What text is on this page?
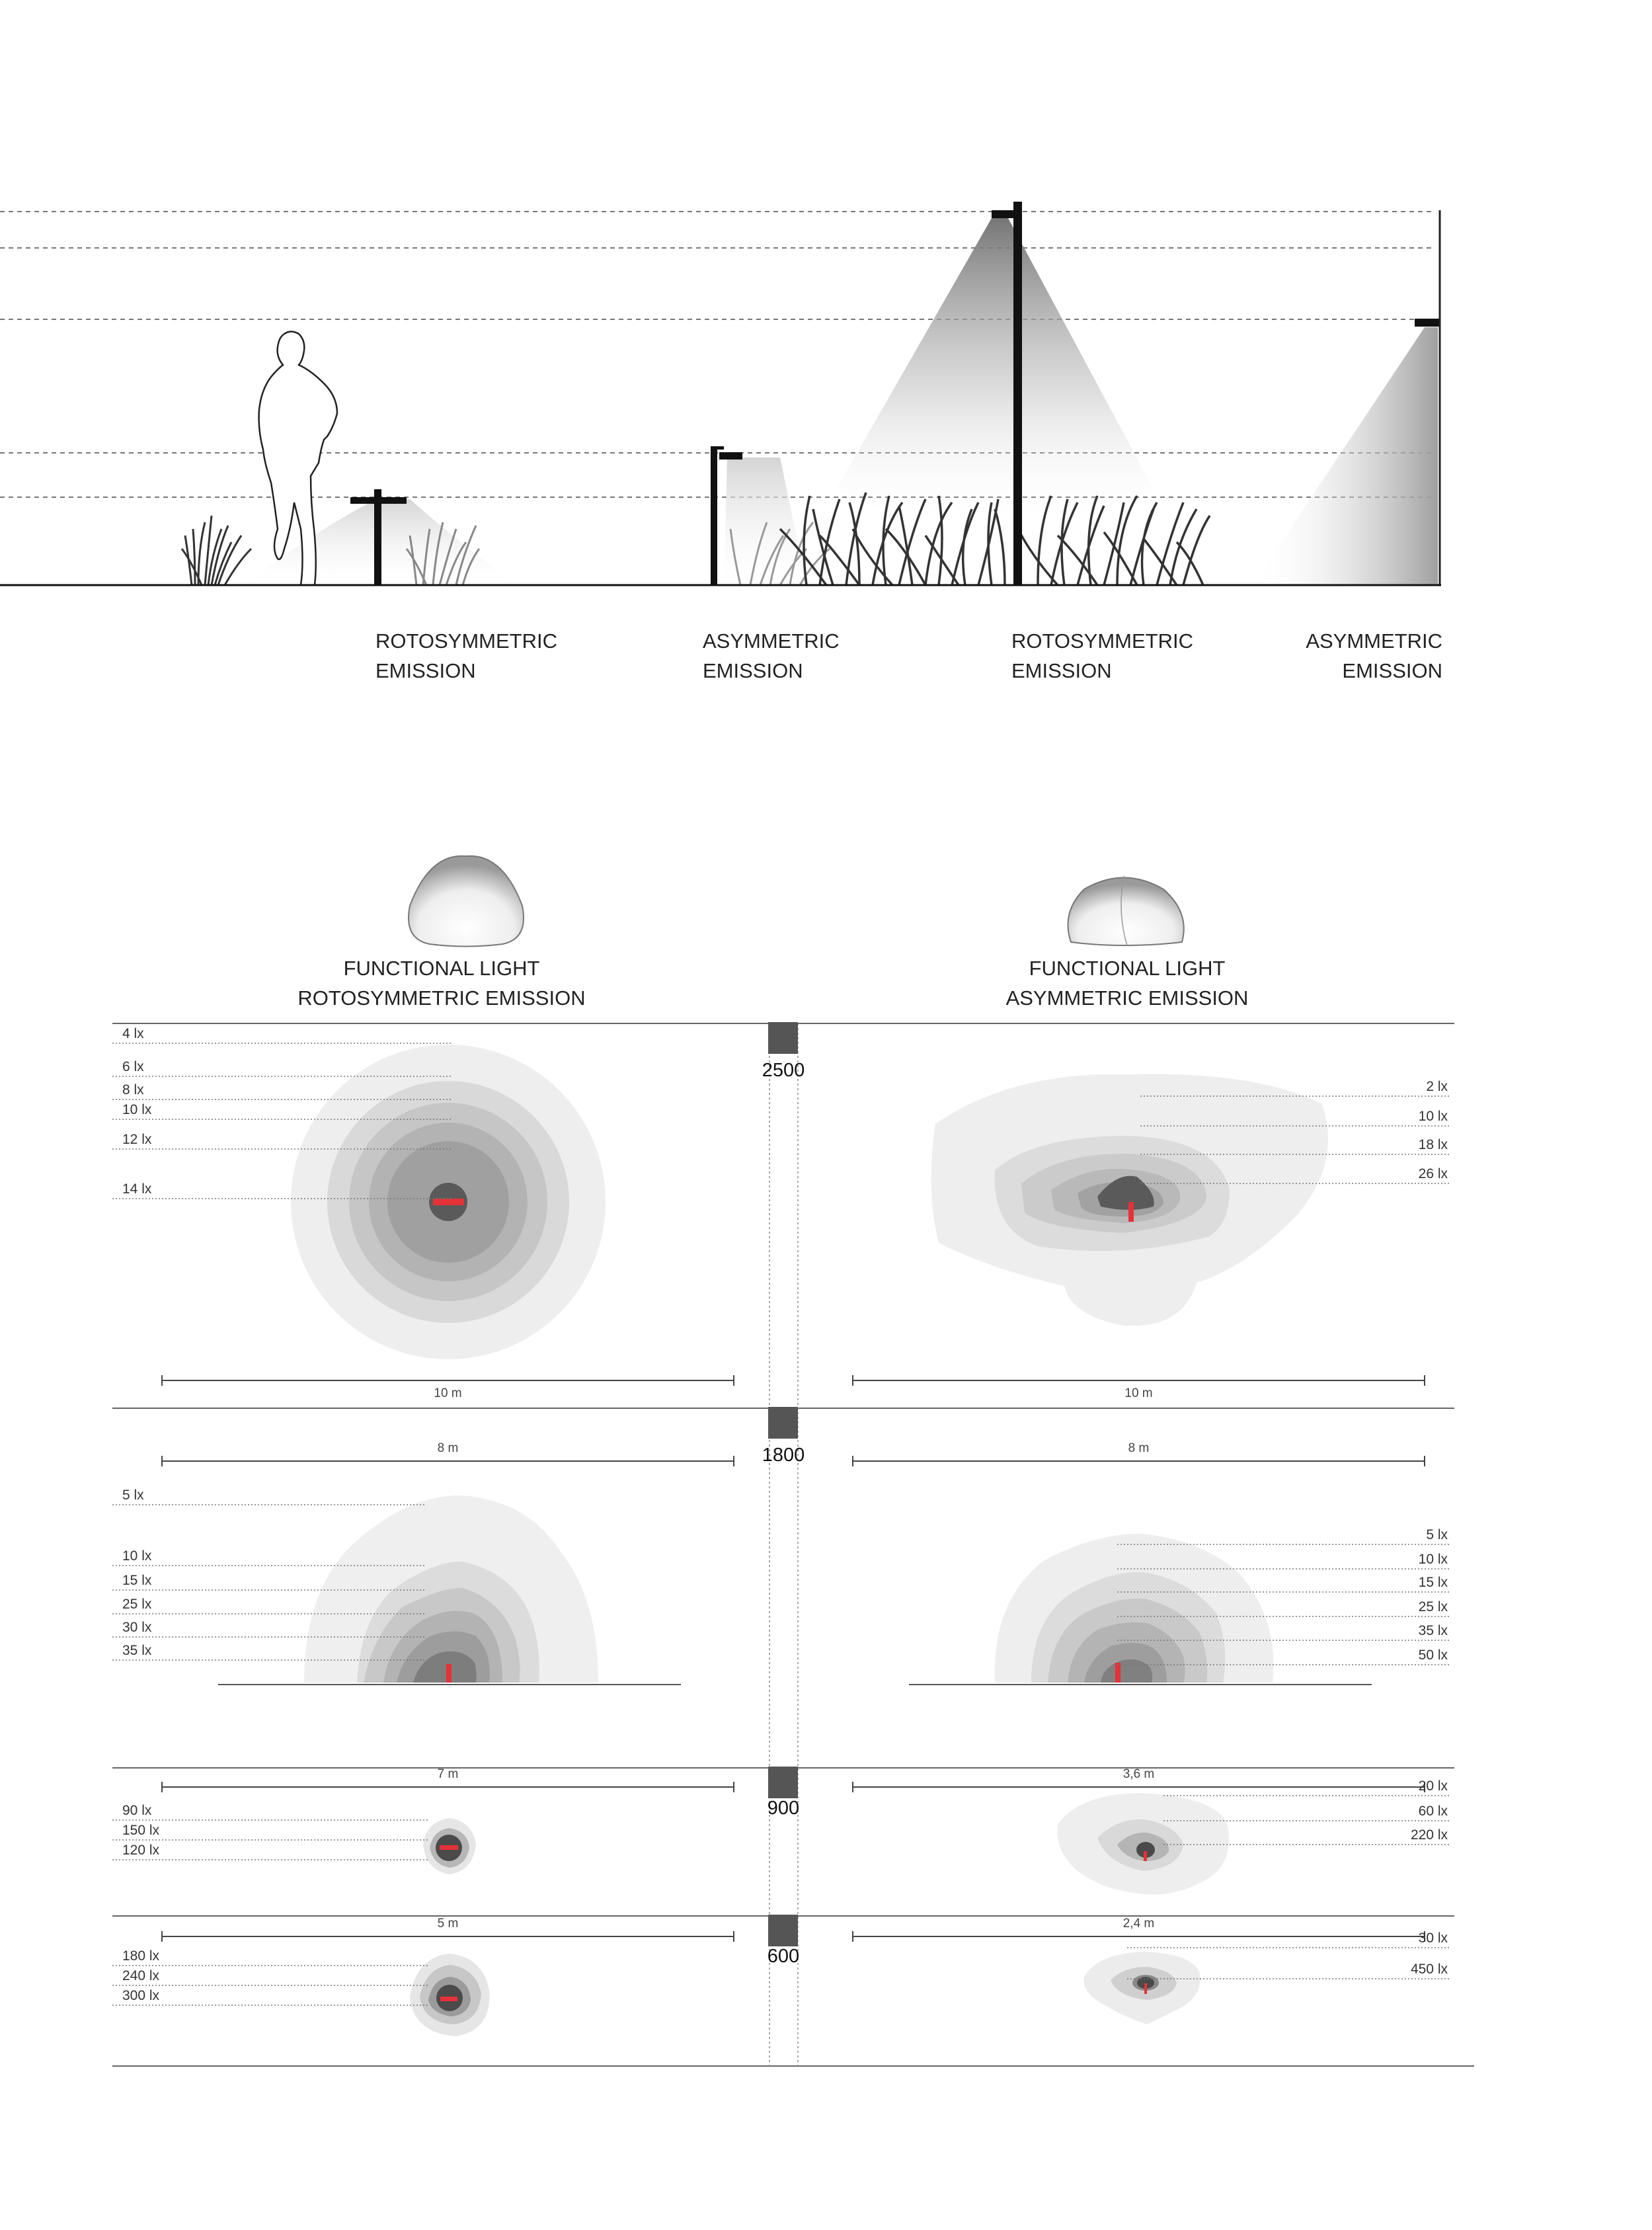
ROTOSYMMETRIC
EMISSION
ASYMMETRIC
EMISSION
ROTOSYMMETRIC
EMISSION
ASYMMETRIC
EMISSION
FUNCTIONAL LIGHT
ROTOSYMMETRIC EMISSION
FUNCTIONAL LIGHT
ASYMMETRIC EMISSION
2500
1800
900
600
10 m	10 m
8 m	8 m
7 m	3,6 m
5 m	2,4 m
4 lx
6 lx
8 lx
10 lx
12 lx
14 lx
5 lx
10 lx
15 lx
25 lx
30 lx
35 lx
90 lx
150 lx
120 lx
180 lx
240 lx
300 lx
2 lx
10 lx
18 lx
26 lx
5 lx
10 lx
15 lx
25 lx
35 lx
50 lx
20 lx
60 lx
220 lx
30 lx
450 lx
